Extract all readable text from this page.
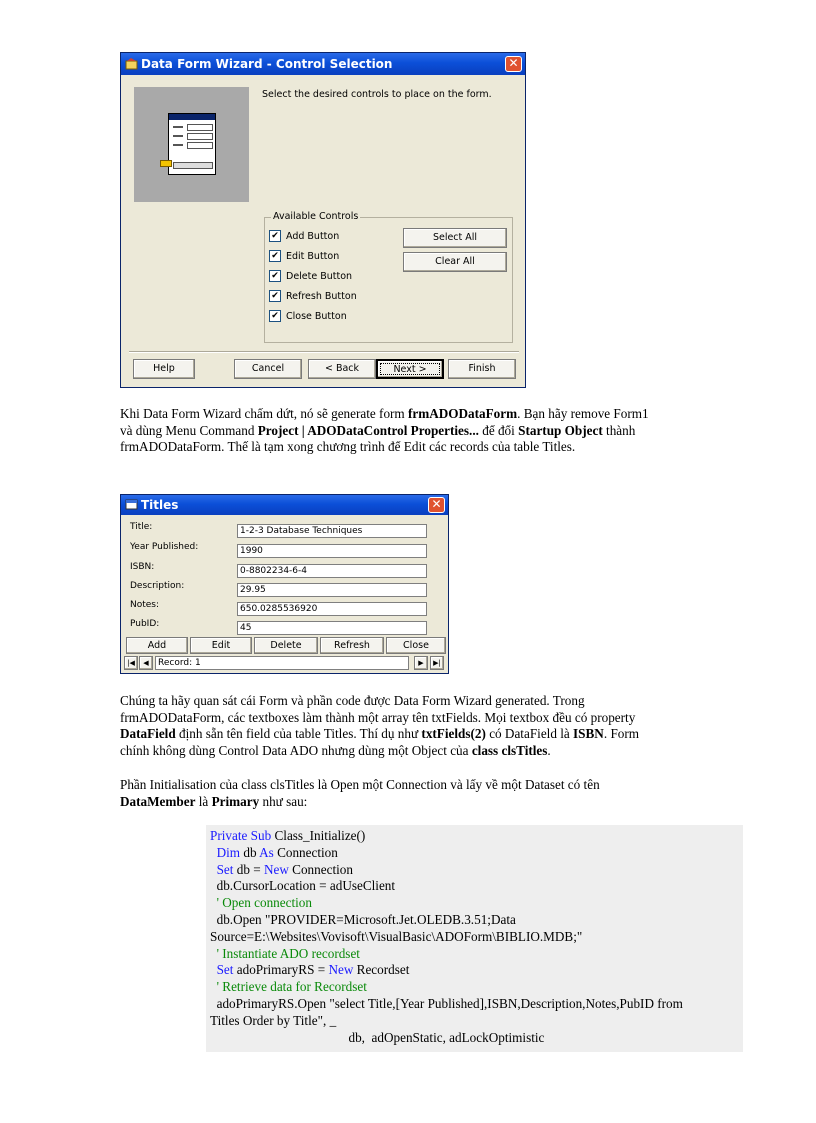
Data Form Wizard - Control Selection	✕
Select the desired controls to place on the form.
Available Controls
✔ Add Button
✔ Edit Button
✔ Delete Button
✔ Refresh Button
✔ Close Button
Select All
Clear All
Help	Cancel	< Back	Next >	Finish
Khi Data Form Wizard chấm dứt, nó sẽ generate form frmADODataForm. Bạn hãy remove Form1 và dùng Menu Command Project | ADODataControl Properties... để đổi Startup Object thành frmADODataForm. Thế là tạm xong chương trình để Edit các records của table Titles.
Titles	✕
Title:	1-2-3 Database Techniques
Year Published:	1990
ISBN:	0-8802234-6-4
Description:	29.95
Notes:	650.0285536920
PubID:	45
Add	Edit	Delete	Refresh	Close
|◀	◀	Record: 1	▶	▶|
Chúng ta hãy quan sát cái Form và phần code được Data Form Wizard generated. Trong frmADODataForm, các textboxes làm thành một array tên txtFields. Mọi textbox đều có property DataField định sẵn tên field của table Titles. Thí dụ như txtFields(2) có DataField là ISBN. Form chính không dùng Control Data ADO nhưng dùng một Object của class clsTitles.
Phần Initialisation của class clsTitles là Open một Connection và lấy về một Dataset có tên DataMember là Primary như sau:
Private Sub Class_Initialize()
Dim db As Connection
Set db = New Connection
db.CursorLocation = adUseClient
' Open connection
db.Open "PROVIDER=Microsoft.Jet.OLEDB.3.51;Data
Source=E:\Websites\Vovisoft\VisualBasic\ADOForm\BIBLIO.MDB;"
' Instantiate ADO recordset
Set adoPrimaryRS = New Recordset
' Retrieve data for Recordset
adoPrimaryRS.Open "select Title,[Year Published],ISBN,Description,Notes,PubID from
Titles Order by Title", _
db,  adOpenStatic, adLockOptimistic
